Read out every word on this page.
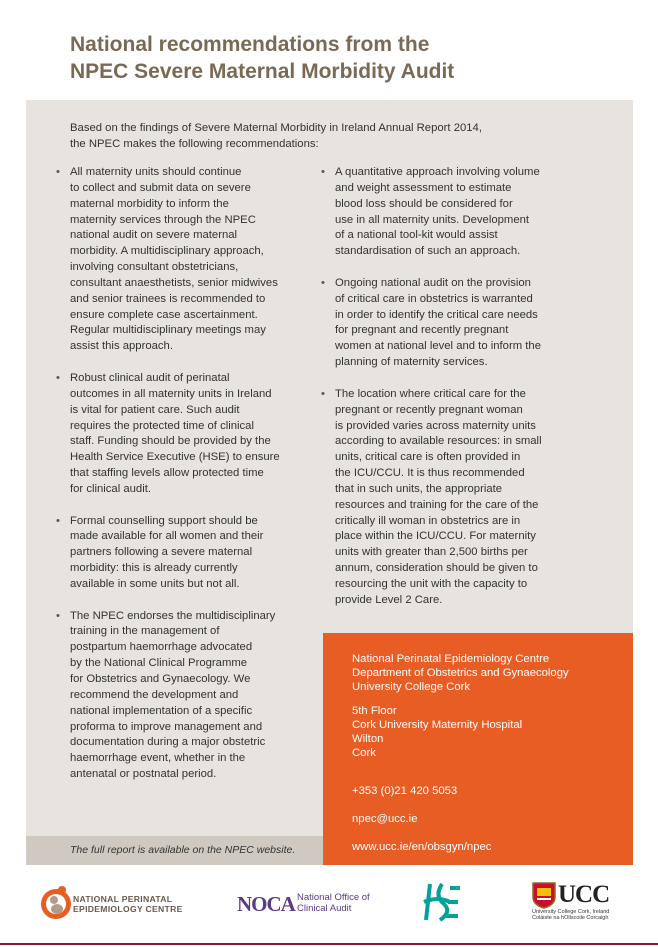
National recommendations from the
NPEC Severe Maternal Morbidity Audit

Based on the findings of Severe Maternal Morbidity in Ireland Annual Report 2014,
the NPEC makes the following recommendations:

• All maternity units should continue
to collect and submit data on severe
maternal morbidity to inform the
maternity services through the NPEC
national audit on severe maternal
morbidity. A multidisciplinary approach,
involving consultant obstetricians,
consultant anaesthetists, senior midwives
and senior trainees is recommended to
ensure complete case ascertainment.
Regular multidisciplinary meetings may
assist this approach.
• Robust clinical audit of perinatal
outcomes in all maternity units in Ireland
is vital for patient care. Such audit
requires the protected time of clinical
staff. Funding should be provided by the
Health Service Executive (HSE) to ensure
that staffing levels allow protected time
for clinical audit.
• Formal counselling support should be
made available for all women and their
partners following a severe maternal
morbidity: this is already currently
available in some units but not all.
• The NPEC endorses the multidisciplinary
training in the management of
postpartum haemorrhage advocated
by the National Clinical Programme
for Obstetrics and Gynaecology. We
recommend the development and
national implementation of a specific
proforma to improve management and
documentation during a major obstetric
haemorrhage event, whether in the
antenatal or postnatal period.
• A quantitative approach involving volume
and weight assessment to estimate
blood loss should be considered for
use in all maternity units. Development
of a national tool-kit would assist
standardisation of such an approach.
• Ongoing national audit on the provision
of critical care in obstetrics is warranted
in order to identify the critical care needs
for pregnant and recently pregnant
women at national level and to inform the
planning of maternity services.
• The location where critical care for the
pregnant or recently pregnant woman
is provided varies across maternity units
according to available resources: in small
units, critical care is often provided in
the ICU/CCU. It is thus recommended
that in such units, the appropriate
resources and training for the care of the
critically ill woman in obstetrics are in
place within the ICU/CCU. For maternity
units with greater than 2,500 births per
annum, consideration should be given to
resourcing the unit with the capacity to
provide Level 2 Care.

National Perinatal Epidemiology Centre
Department of Obstetrics and Gynaecology
University College Cork

5th Floor
Cork University Maternity Hospital
Wilton
Cork

+353 (0)21 420 5053

npec@ucc.ie

www.ucc.ie/en/obsgyn/npec

or @NPEC_UCC

The full report is available on the NPEC website.

NATIONAL PERINATAL
EPIDEMIOLOGY CENTRE	NOCA National Office of
Clinical Audit	UCC
University College Cork, Ireland
Coláiste na hOllscoile Corcaigh
